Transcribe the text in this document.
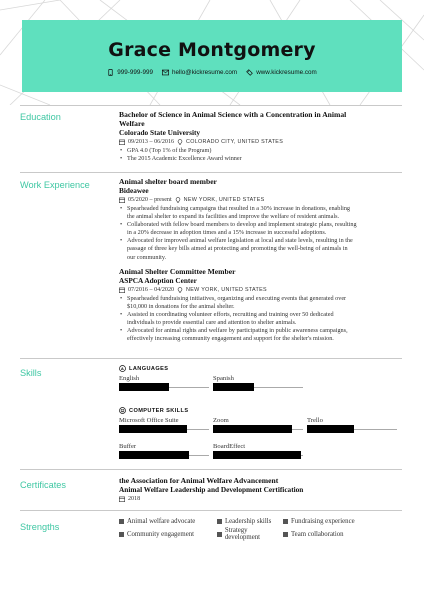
Grace Montgomery
999-999-999	hello@kickresume.com	www.kickresume.com
Education	Bachelor of Science in Animal Science with a Concentration in Animal
Welfare
Colorado State University
09/2013 – 06/2016 COLORADO CITY, UNITED STATES
• GPA 4.0 (Top 1% of the Program)
• The 2015 Academic Excellence Award winner
Work Experience	Animal shelter board member
Bideawee
05/2020 – present NEW YORK, UNITED STATES
• Spearheaded fundraising campaigns that resulted in a 30% increase in donations, enabling
the animal shelter to expand its facilities and improve the welfare of resident animals.
• Collaborated with fellow board members to develop and implement strategic plans, resulting
in a 20% decrease in adoption times and a 15% increase in successful adoptions.
• Advocated for improved animal welfare legislation at local and state levels, resulting in the
passage of three key bills aimed at protecting and promoting the well-being of animals in
our community.
Animal Shelter Committee Member
ASPCA Adoption Center
07/2016 – 04/2020 NEW YORK, UNITED STATES
• Spearheaded fundraising initiatives, organizing and executing events that generated over
$10,000 in donations for the animal shelter.
• Assisted in coordinating volunteer efforts, recruiting and training over 50 dedicated
individuals to provide essential care and attention to shelter animals.
• Advocated for animal rights and welfare by participating in public awareness campaigns,
effectively increasing community engagement and support for the shelter's mission.
Skills	A LANGUAGES
English	Spanish
COMPUTER SKILLS
Microsoft Office Suite	Zoom	Trello
Buffer	BoardEffect
Certificates	the Association for Animal Welfare Advancement
Animal Welfare Leadership and Development Certification
2018
Strengths
Animal welfare advocate	Leadership skills	Fundraising experience
Community engagement	Strategy development	Team collaboration
